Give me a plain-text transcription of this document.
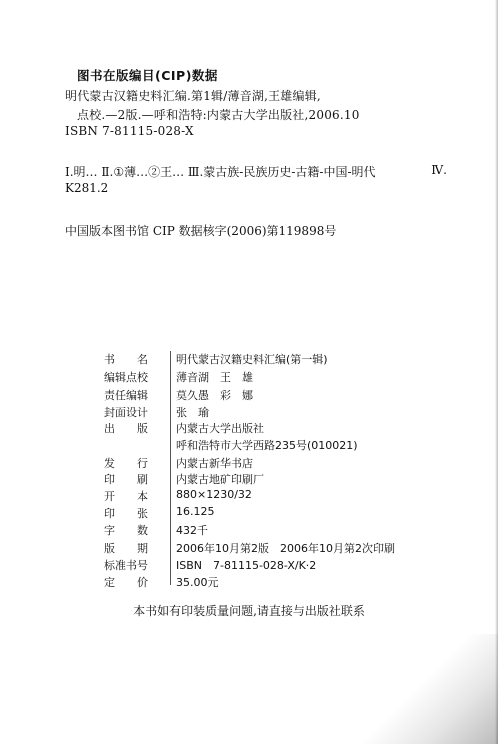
图书在版编目(CIP)数据
明代蒙古汉籍史料汇编.第1辑/薄音湖,王雄编辑,
点校.—2版.—呼和浩特:内蒙古大学出版社,2006.10
ISBN 7-81115-028-X
Ⅰ.明… Ⅱ.①薄…②王… Ⅲ.蒙古族-民族历史-古籍-中国-明代	Ⅳ.
K281.2
中国版本图书馆 CIP 数据核字(2006)第119898号
书　　名	明代蒙古汉籍史料汇编(第一辑)
编辑点校	薄音湖　王　雄
责任编辑	莫久愚　彩　娜
封面设计	张　瑜
出　　版	内蒙古大学出版社
呼和浩特市大学西路235号(010021)
发　　行	内蒙古新华书店
印　　刷	内蒙古地矿印刷厂
开　　本	880×1230/32
印　　张	16.125
字　　数	432千
版　　期	2006年10月第2版　2006年10月第2次印刷
标准书号	ISBN　7-81115-028-X/K·2
定　　价	35.00元
本书如有印装质量问题,请直接与出版社联系
